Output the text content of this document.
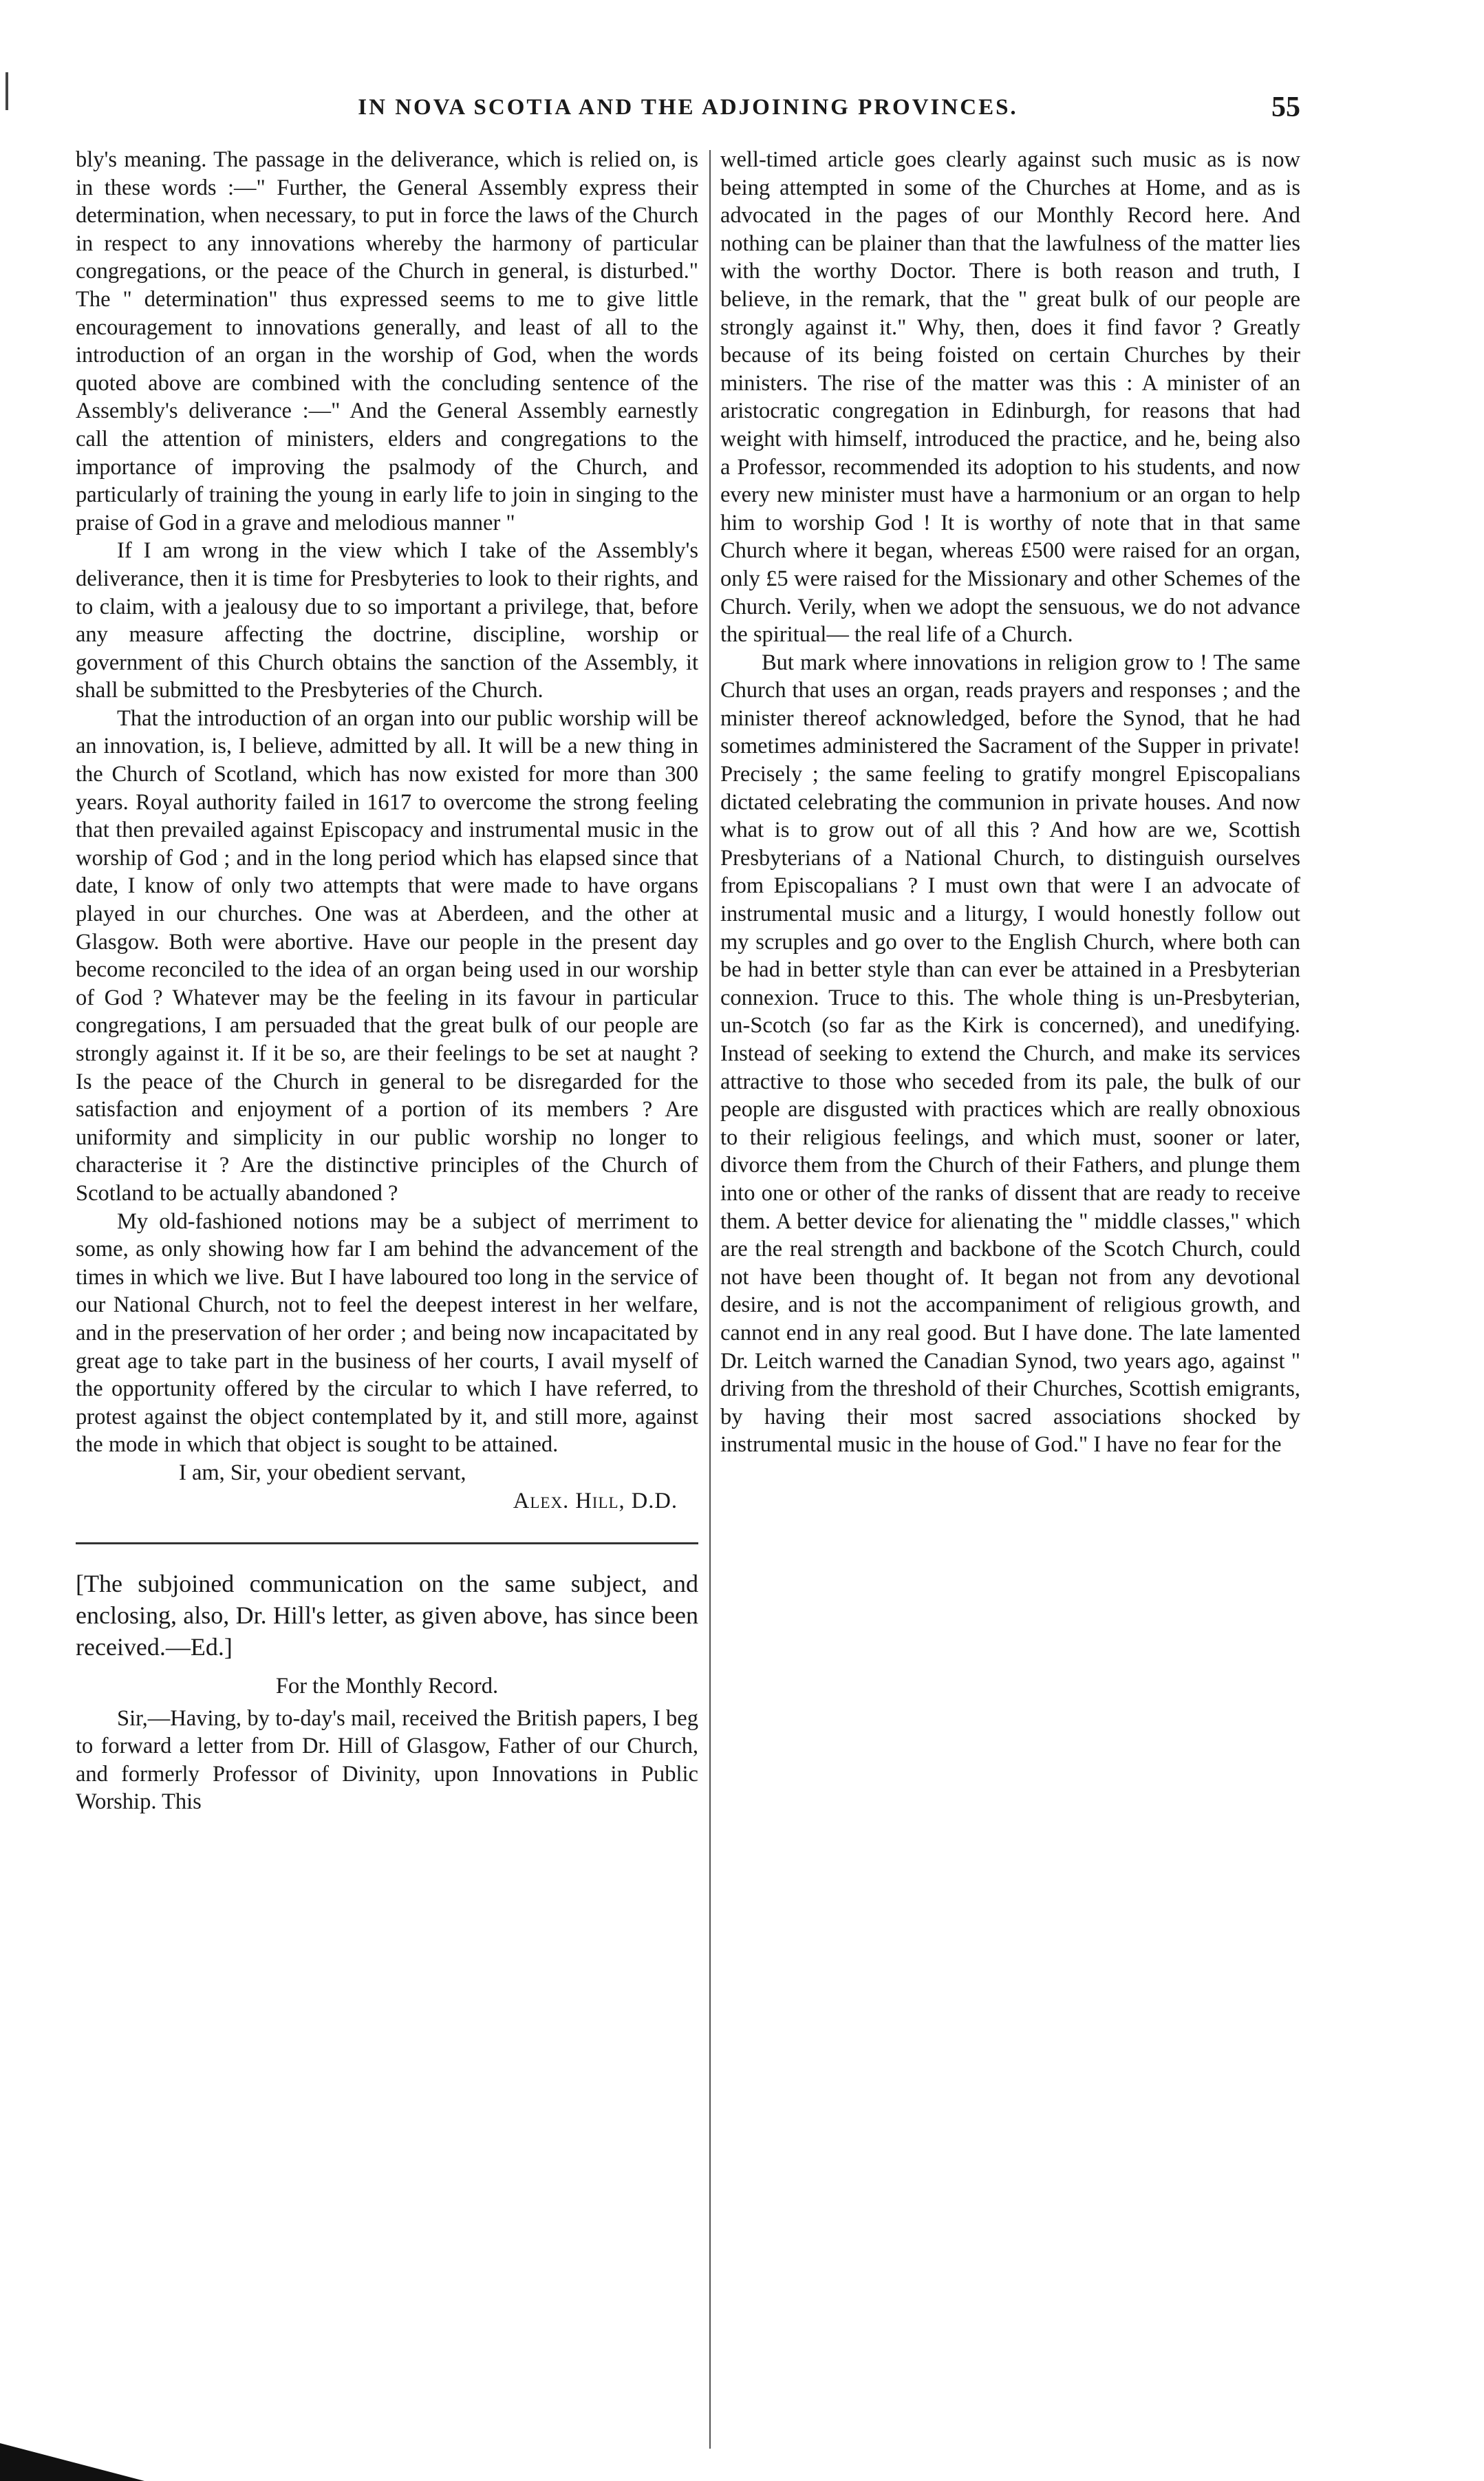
IN NOVA SCOTIA AND THE ADJOINING PROVINCES.	55

bly's meaning. The passage in the deliverance, which is relied on, is in these words :—" Further, the General Assembly express their determination, when necessary, to put in force the laws of the Church in respect to any innovations whereby the harmony of particular congregations, or the peace of the Church in general, is disturbed." The " determination" thus expressed seems to me to give little encouragement to innovations generally, and least of all to the introduction of an organ in the worship of God, when the words quoted above are combined with the concluding sentence of the Assembly's deliverance :—" And the General Assembly earnestly call the attention of ministers, elders and congregations to the importance of improving the psalmody of the Church, and particularly of training the young in early life to join in singing to the praise of God in a grave and melodious manner "

If I am wrong in the view which I take of the Assembly's deliverance, then it is time for Presbyteries to look to their rights, and to claim, with a jealousy due to so important a privilege, that, before any measure affecting the doctrine, discipline, worship or government of this Church obtains the sanction of the Assembly, it shall be submitted to the Presbyteries of the Church.

That the introduction of an organ into our public worship will be an innovation, is, I believe, admitted by all. It will be a new thing in the Church of Scotland, which has now existed for more than 300 years. Royal authority failed in 1617 to overcome the strong feeling that then prevailed against Episcopacy and instrumental music in the worship of God ; and in the long period which has elapsed since that date, I know of only two attempts that were made to have organs played in our churches. One was at Aberdeen, and the other at Glasgow. Both were abortive. Have our people in the present day become reconciled to the idea of an organ being used in our worship of God ? Whatever may be the feeling in its favour in particular congregations, I am persuaded that the great bulk of our people are strongly against it. If it be so, are their feelings to be set at naught ? Is the peace of the Church in general to be disregarded for the satisfaction and enjoyment of a portion of its members ? Are uniformity and simplicity in our public worship no longer to characterise it ? Are the distinctive principles of the Church of Scotland to be actually abandoned ?

My old-fashioned notions may be a subject of merriment to some, as only showing how far I am behind the advancement of the times in which we live. But I have laboured too long in the service of our National Church, not to feel the deepest interest in her welfare, and in the preservation of her order ; and being now incapacitated by great age to take part in the business of her courts, I avail myself of the opportunity offered by the circular to which I have referred, to protest against the object contemplated by it, and still more, against the mode in which that object is sought to be attained.

I am, Sir, your obedient servant,

Alex. Hill, D.D.

[The subjoined communication on the same subject, and enclosing, also, Dr. Hill's letter, as given above, has since been received.—Ed.]

For the Monthly Record.

Sir,—Having, by to-day's mail, received the British papers, I beg to forward a letter from Dr. Hill of Glasgow, Father of our Church, and formerly Professor of Divinity, upon Innovations in Public Worship. This

well-timed article goes clearly against such music as is now being attempted in some of the Churches at Home, and as is advocated in the pages of our Monthly Record here. And nothing can be plainer than that the lawfulness of the matter lies with the worthy Doctor. There is both reason and truth, I believe, in the remark, that the " great bulk of our people are strongly against it." Why, then, does it find favor ? Greatly because of its being foisted on certain Churches by their ministers. The rise of the matter was this : A minister of an aristocratic congregation in Edinburgh, for reasons that had weight with himself, introduced the practice, and he, being also a Professor, recommended its adoption to his students, and now every new minister must have a harmonium or an organ to help him to worship God ! It is worthy of note that in that same Church where it began, whereas £500 were raised for an organ, only £5 were raised for the Missionary and other Schemes of the Church. Verily, when we adopt the sensuous, we do not advance the spiritual— the real life of a Church.

But mark where innovations in religion grow to ! The same Church that uses an organ, reads prayers and responses ; and the minister thereof acknowledged, before the Synod, that he had sometimes administered the Sacrament of the Supper in private! Precisely ; the same feeling to gratify mongrel Episcopalians dictated celebrating the communion in private houses. And now what is to grow out of all this ? And how are we, Scottish Presbyterians of a National Church, to distinguish ourselves from Episcopalians ? I must own that were I an advocate of instrumental music and a liturgy, I would honestly follow out my scruples and go over to the English Church, where both can be had in better style than can ever be attained in a Presbyterian connexion. Truce to this. The whole thing is un-Presbyterian, un-Scotch (so far as the Kirk is concerned), and unedifying. Instead of seeking to extend the Church, and make its services attractive to those who seceded from its pale, the bulk of our people are disgusted with practices which are really obnoxious to their religious feelings, and which must, sooner or later, divorce them from the Church of their Fathers, and plunge them into one or other of the ranks of dissent that are ready to receive them. A better device for alienating the " middle classes," which are the real strength and backbone of the Scotch Church, could not have been thought of. It began not from any devotional desire, and is not the accompaniment of religious growth, and cannot end in any real good. But I have done. The late lamented Dr. Leitch warned the Canadian Synod, two years ago, against " driving from the threshold of their Churches, Scottish emigrants, by having their most sacred associations shocked by instrumental music in the house of God." I have no fear for the
